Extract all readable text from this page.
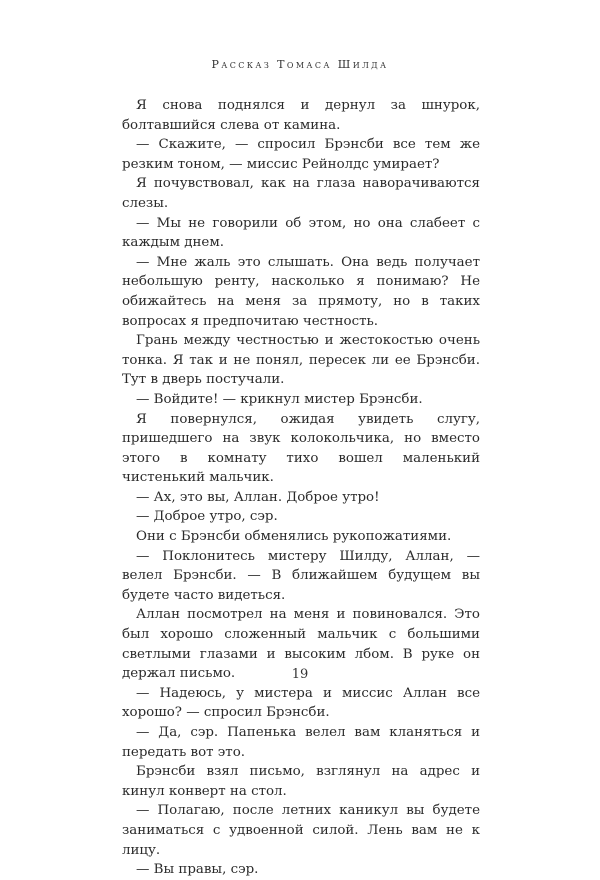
Рассказ Томаса Шилда

Я снова поднялся и дернул за шнурок, болтавшийся слева от камина.

— Скажите, — спросил Брэнсби все тем же резким тоном, — миссис Рейнолдс умирает?

Я почувствовал, как на глаза наворачиваются слезы.

— Мы не говорили об этом, но она слабеет с каждым днем.

— Мне жаль это слышать. Она ведь получает небольшую ренту, насколько я понимаю? Не обижайтесь на меня за прямоту, но в таких вопросах я предпочитаю честность.

Грань между честностью и жестокостью очень тонка. Я так и не понял, пересек ли ее Брэнсби. Тут в дверь постучали.

— Войдите! — крикнул мистер Брэнсби.

Я повернулся, ожидая увидеть слугу, пришедшего на звук колокольчика, но вместо этого в комнату тихо вошел маленький чистенький мальчик.

— Ах, это вы, Аллан. Доброе утро!

— Доброе утро, сэр.

Они с Брэнсби обменялись рукопожатиями.

— Поклонитесь мистеру Шилду, Аллан, — велел Брэнсби. — В ближайшем будущем вы будете часто видеться.

Аллан посмотрел на меня и повиновался. Это был хорошо сложенный мальчик с большими светлыми глазами и высоким лбом. В руке он держал письмо.

— Надеюсь, у мистера и миссис Аллан все хорошо? — спросил Брэнсби.

— Да, сэр. Папенька велел вам кланяться и передать вот это.

Брэнсби взял письмо, взглянул на адрес и кинул конверт на стол.

— Полагаю, после летних каникул вы будете заниматься с удвоенной силой. Лень вам не к лицу.

— Вы правы, сэр.

19
